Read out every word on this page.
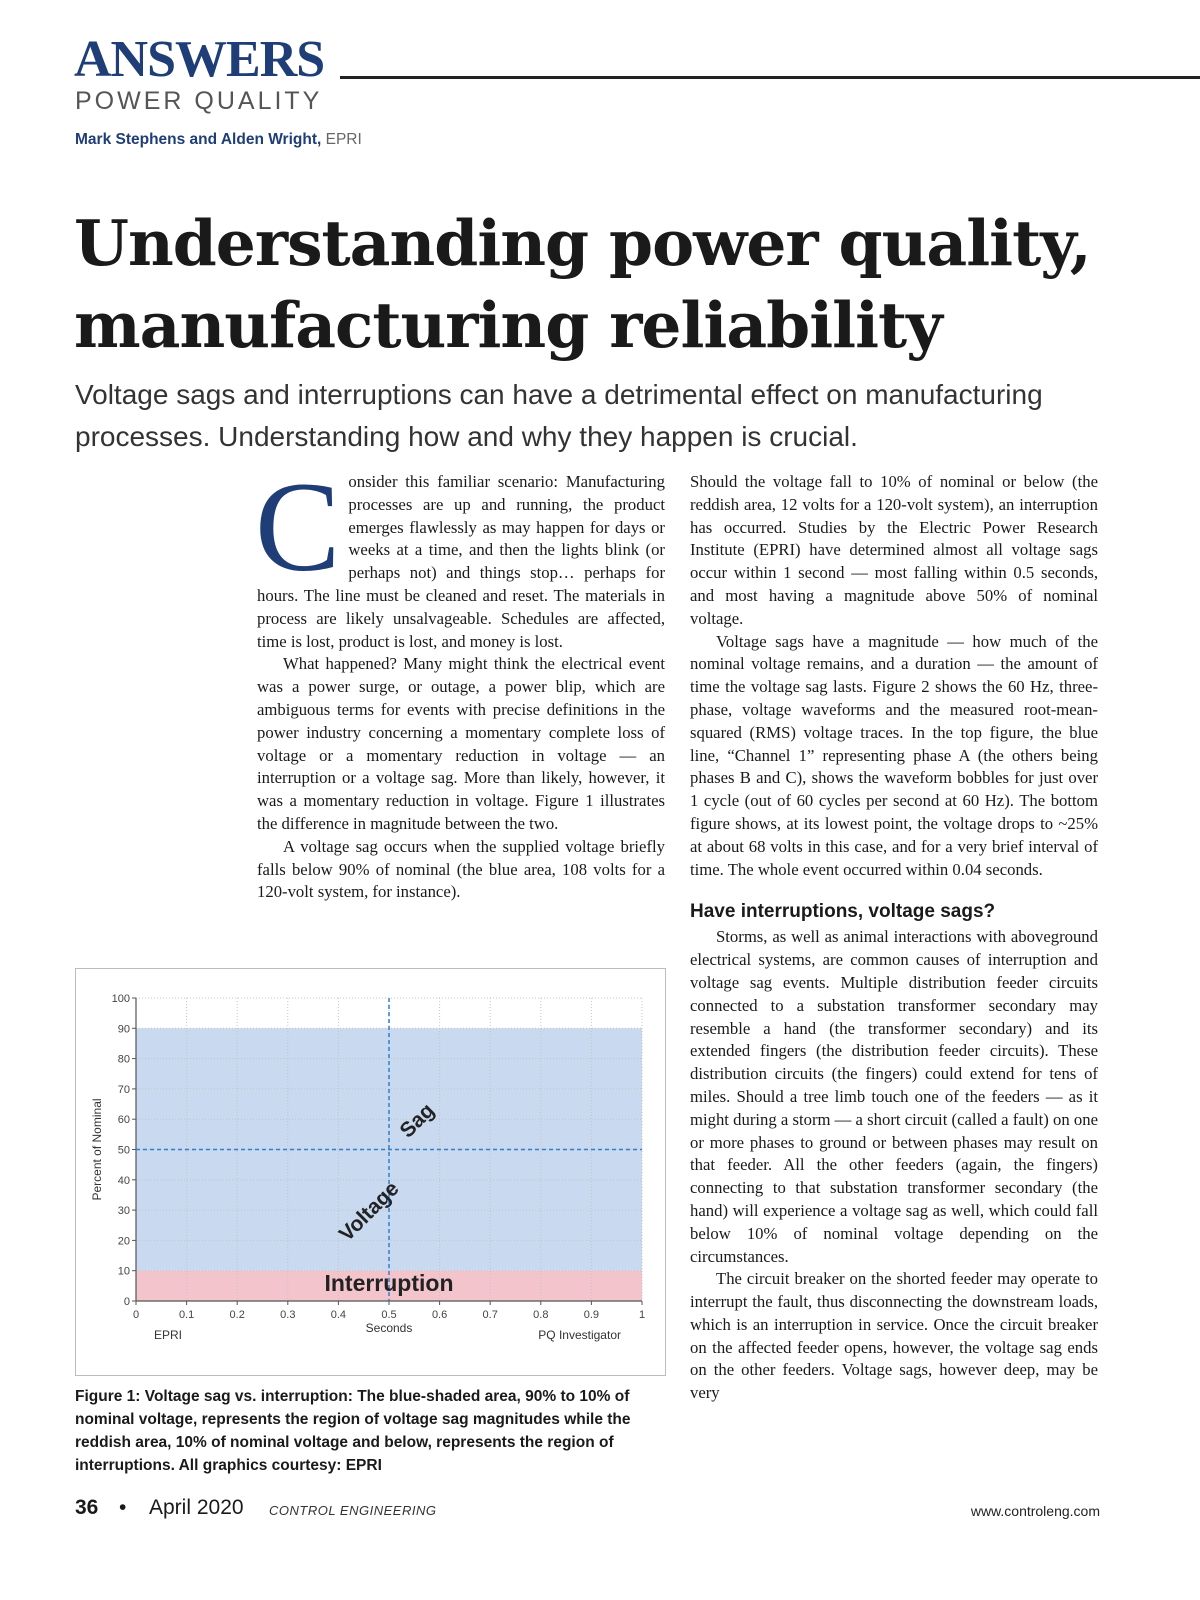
ANSWERS
POWER QUALITY
Mark Stephens and Alden Wright, EPRI
Understanding power quality, manufacturing reliability
Voltage sags and interruptions can have a detrimental effect on manufacturing processes. Understanding how and why they happen is crucial.

Consider this familiar scenario: Manufacturing processes are up and running, the product emerges flawlessly as may happen for days or weeks at a time, and then the lights blink (or perhaps not) and things stop… perhaps for hours. The line must be cleaned and reset. The materials in process are likely unsalvageable. Schedules are affected, time is lost, product is lost, and money is lost.

What happened? Many might think the electrical event was a power surge, or outage, a power blip, which are ambiguous terms for events with precise definitions in the power industry concerning a momentary complete loss of voltage or a momentary reduction in voltage — an interruption or a voltage sag. More than likely, however, it was a momentary reduction in voltage. Figure 1 illustrates the difference in magnitude between the two.

A voltage sag occurs when the supplied voltage briefly falls below 90% of nominal (the blue area, 108 volts for a 120-volt system, for instance).

Should the voltage fall to 10% of nominal or below (the reddish area, 12 volts for a 120-volt system), an interruption has occurred. Studies by the Electric Power Research Institute (EPRI) have determined almost all voltage sags occur within 1 second — most falling within 0.5 seconds, and most having a magnitude above 50% of nominal voltage.

Voltage sags have a magnitude — how much of the nominal voltage remains, and a duration — the amount of time the voltage sag lasts. Figure 2 shows the 60 Hz, three-phase, voltage waveforms and the measured root-mean-squared (RMS) voltage traces. In the top figure, the blue line, “Channel 1” representing phase A (the others being phases B and C), shows the waveform bobbles for just over 1 cycle (out of 60 cycles per second at 60 Hz). The bottom figure shows, at its lowest point, the voltage drops to ~25% at about 68 volts in this case, and for a very brief interval of time. The whole event occurred within 0.04 seconds.

Have interruptions, voltage sags?

Storms, as well as animal interactions with aboveground electrical systems, are common causes of interruption and voltage sag events. Multiple distribution feeder circuits connected to a substation transformer secondary may resemble a hand (the transformer secondary) and its extended fingers (the distribution feeder circuits). These distribution circuits (the fingers) could extend for tens of miles. Should a tree limb touch one of the feeders — as it might during a storm — a short circuit (called a fault) on one or more phases to ground or between phases may result on that feeder. All the other feeders (again, the fingers) connecting to that substation transformer secondary (the hand) will experience a voltage sag as well, which could fall below 10% of nominal voltage depending on the circumstances.

The circuit breaker on the shorted feeder may operate to interrupt the fault, thus disconnecting the downstream loads, which is an interruption in service. Once the circuit breaker on the affected feeder opens, however, the voltage sag ends on the other feeders. Voltage sags, however deep, may be very

0
10
20
30
40
50
60
70
80
90
100
0	0.1	0.2	0.3	0.4	0.5	0.6	0.7	0.8	0.9	1
Voltage
Sag
Interruption
Seconds
Percent of Nominal
EPRI	PQ Investigator
Figure 1: Voltage sag vs. interruption: The blue-shaded area, 90% to 10% of nominal voltage, represents the region of voltage sag magnitudes while the reddish area, 10% of nominal voltage and below, represents the region of interruptions. All graphics courtesy: EPRI
36 • April 2020 CONTROL ENGINEERING	www.controleng.com
